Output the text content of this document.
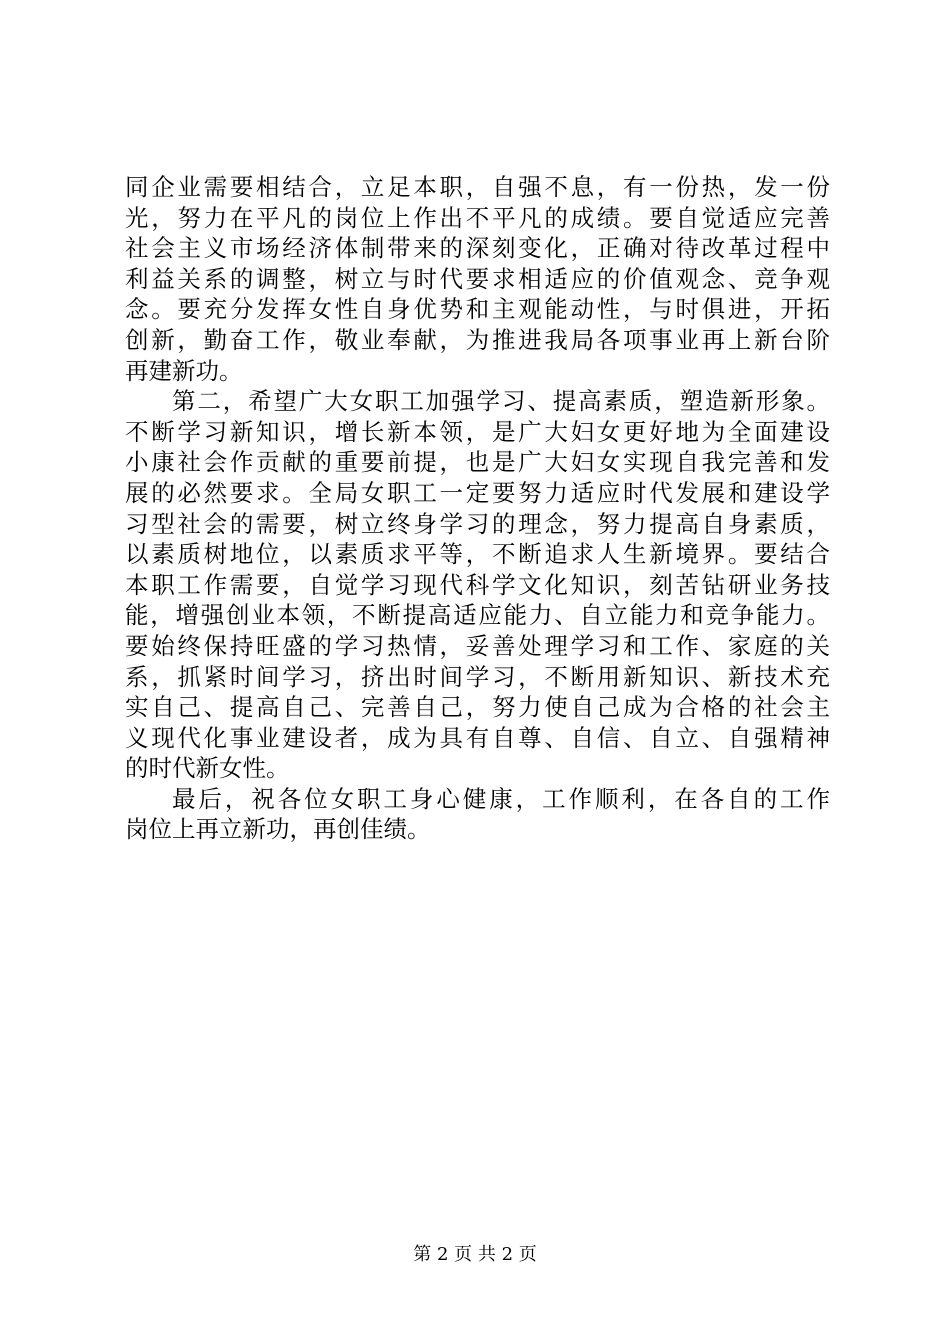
同企业需要相结合，立足本职，自强不息，有一份热，发一份
光，努力在平凡的岗位上作出不平凡的成绩。要自觉适应完善
社会主义市场经济体制带来的深刻变化，正确对待改革过程中
利益关系的调整，树立与时代要求相适应的价值观念、竞争观
念。要充分发挥女性自身优势和主观能动性，与时俱进，开拓
创新，勤奋工作，敬业奉献，为推进我局各项事业再上新台阶
再建新功。
第二，希望广大女职工加强学习、提高素质，塑造新形象。
不断学习新知识，增长新本领，是广大妇女更好地为全面建设
小康社会作贡献的重要前提，也是广大妇女实现自我完善和发
展的必然要求。全局女职工一定要努力适应时代发展和建设学
习型社会的需要，树立终身学习的理念，努力提高自身素质，
以素质树地位，以素质求平等，不断追求人生新境界。要结合
本职工作需要，自觉学习现代科学文化知识，刻苦钻研业务技
能，增强创业本领，不断提高适应能力、自立能力和竞争能力。
要始终保持旺盛的学习热情，妥善处理学习和工作、家庭的关
系，抓紧时间学习，挤出时间学习，不断用新知识、新技术充
实自己、提高自己、完善自己，努力使自己成为合格的社会主
义现代化事业建设者，成为具有自尊、自信、自立、自强精神
的时代新女性。
最后，祝各位女职工身心健康，工作顺利，在各自的工作
岗位上再立新功，再创佳绩。
第 2 页 共 2 页
